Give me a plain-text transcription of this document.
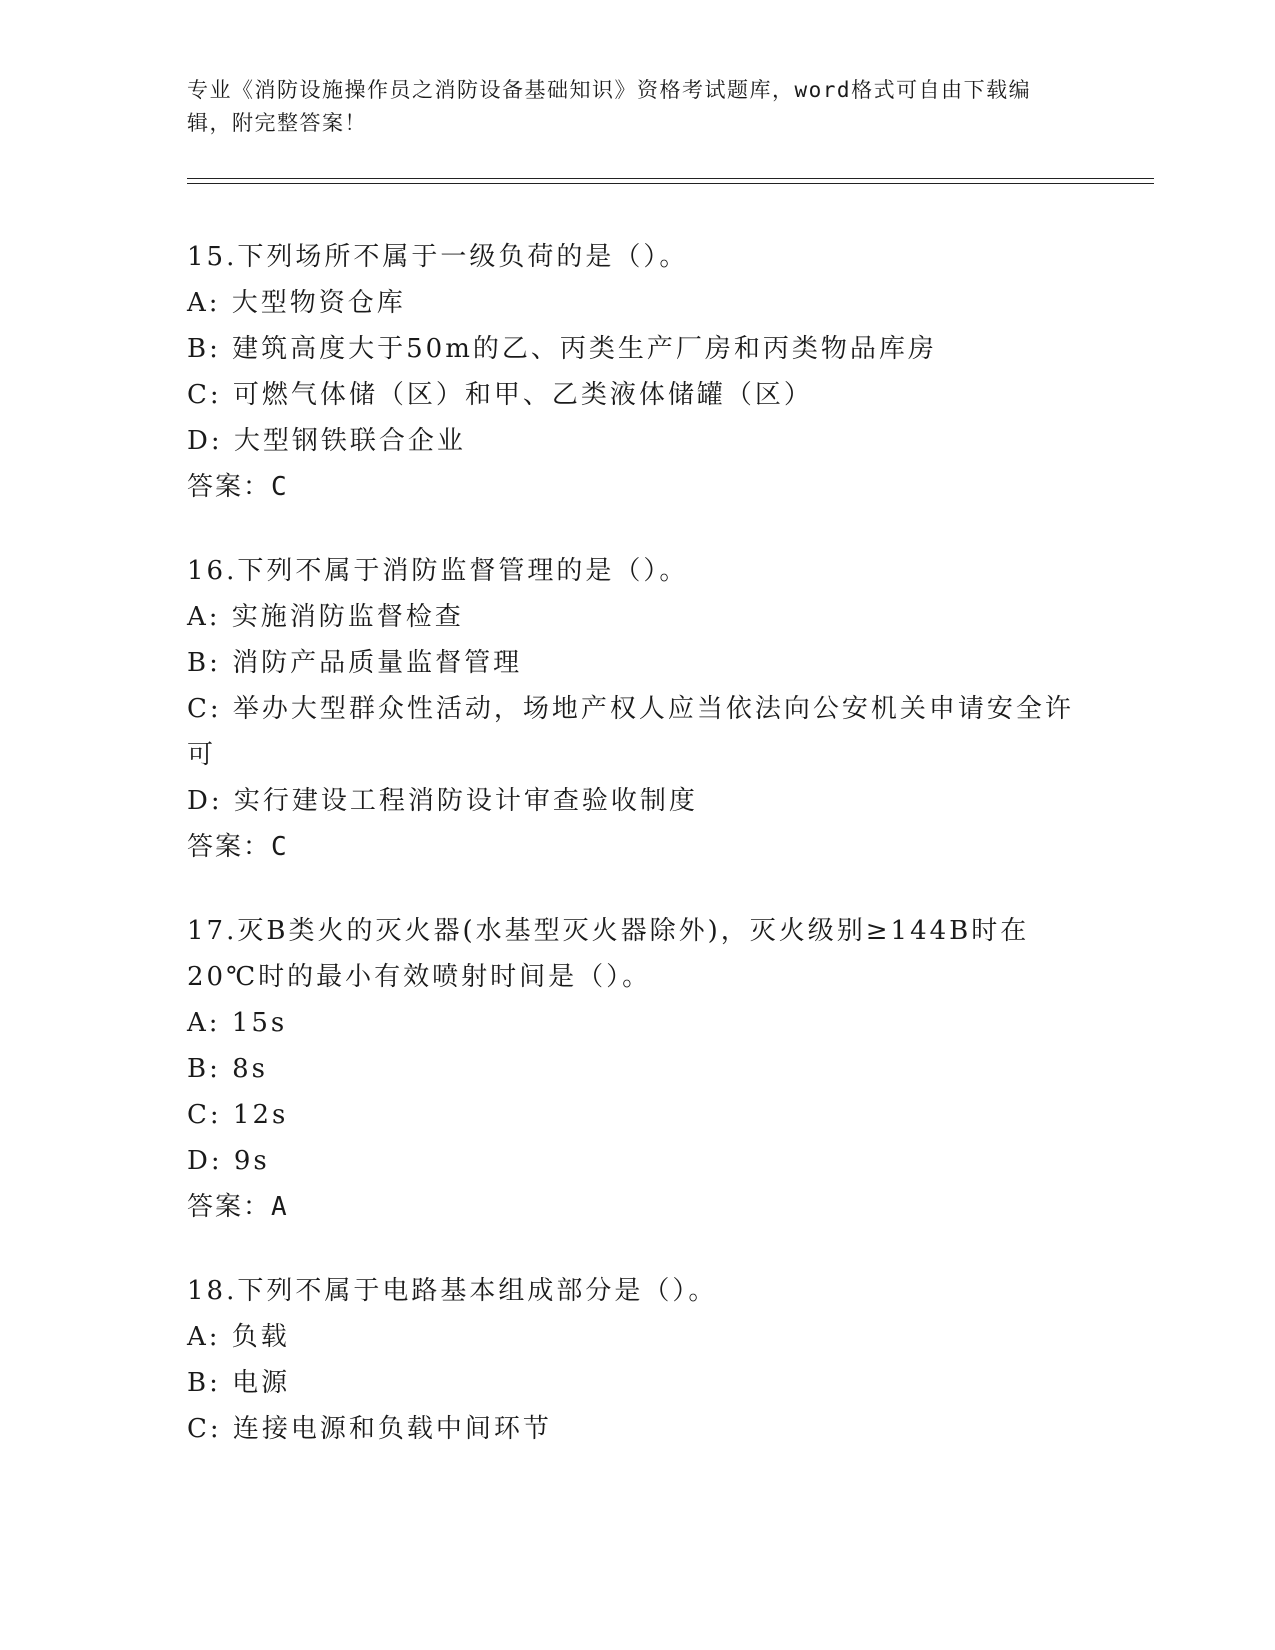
专业《消防设施操作员之消防设备基础知识》资格考试题库，word格式可自由下载编辑，附完整答案！
15.下列场所不属于一级负荷的是（）。
A: 大型物资仓库
B: 建筑高度大于50m的乙、丙类生产厂房和丙类物品库房
C: 可燃气体储（区）和甲、乙类液体储罐（区）
D: 大型钢铁联合企业
答案：C
16.下列不属于消防监督管理的是（）。
A: 实施消防监督检查
B: 消防产品质量监督管理
C: 举办大型群众性活动，场地产权人应当依法向公安机关申请安全许可
D: 实行建设工程消防设计审查验收制度
答案：C
17.灭B类火的灭火器(水基型灭火器除外)，灭火级别≥144B时在20℃时的最小有效喷射时间是（）。
A: 15s
B: 8s
C: 12s
D: 9s
答案：A
18.下列不属于电路基本组成部分是（）。
A: 负载
B: 电源
C: 连接电源和负载中间环节
